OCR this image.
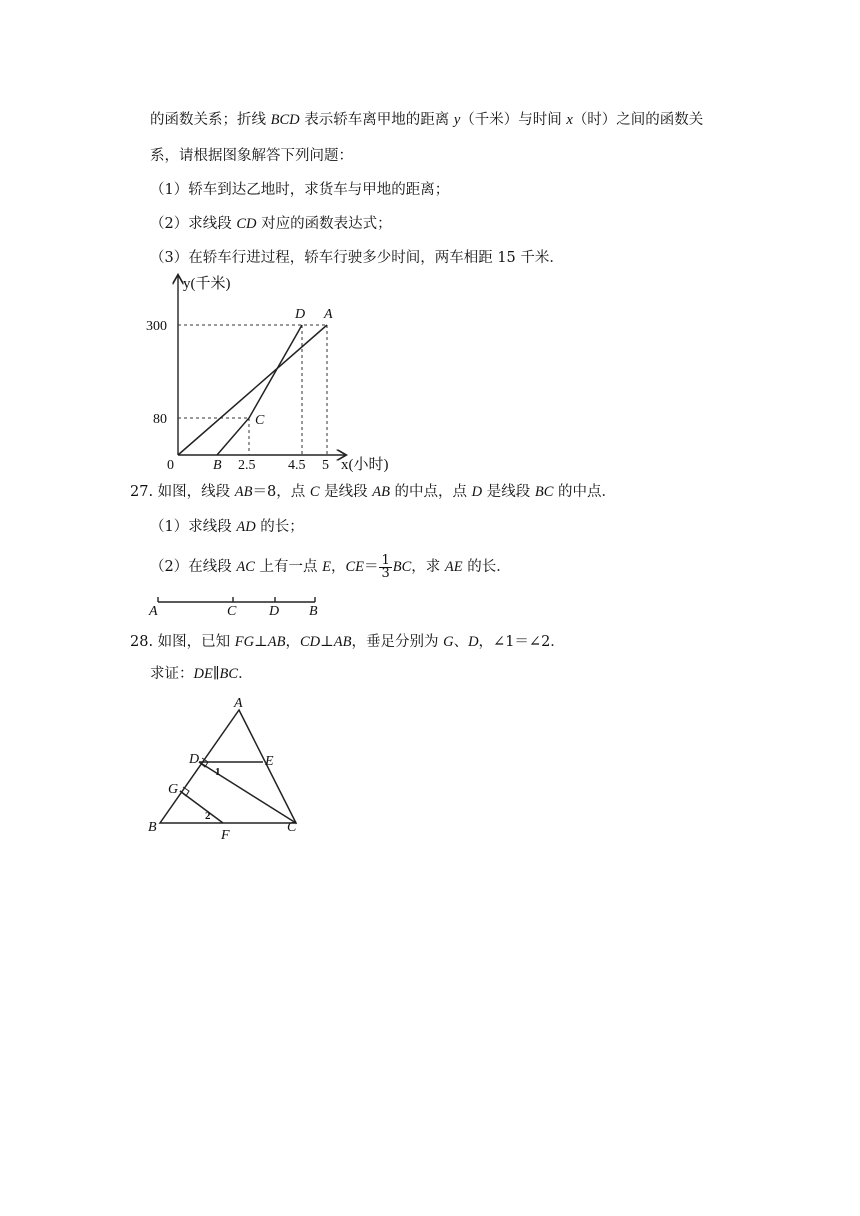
的函数关系；折线 BCD 表示轿车离甲地的距离 y（千米）与时间 x（时）之间的函数关
系，请根据图象解答下列问题：
（1）轿车到达乙地时，求货车与甲地的距离；
（2）求线段 CD 对应的函数表达式；
（3）在轿车行进过程，轿车行驶多少时间，两车相距 15 千米．
y(千米)
x(小时)
0
300
80
2.5 4.5 5
A
D
C
B
27. 如图，线段 AB＝8，点 C 是线段 AB 的中点，点 D 是线段 BC 的中点．
（1）求线段 AD 的长；
（2）在线段 AC 上有一点 E，$CE= \frac{1}{3}$ BC，求 AE 的长．
A	C D B
28. 如图，已知 FG⊥AB，CD⊥AB，垂足分别为 G、D，∠1＝∠2．
求证：DE∥BC．
A
D	E
G
B
F
C
1
2
